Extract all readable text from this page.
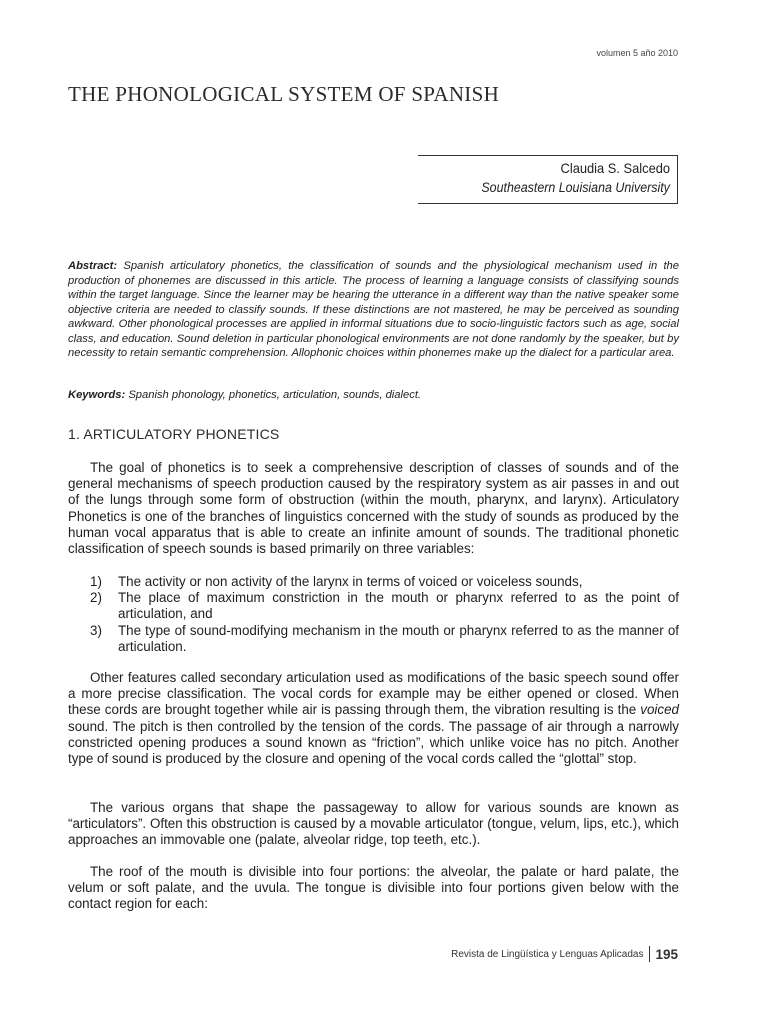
volumen 5 año 2010
THE PHONOLOGICAL SYSTEM OF SPANISH
Claudia S. Salcedo
Southeastern Louisiana University

Abstract: Spanish articulatory phonetics, the classification of sounds and the physiological mechanism used in the production of phonemes are discussed in this article. The process of learning a language consists of classifying sounds within the target language. Since the learner may be hearing the utterance in a different way than the native speaker some objective criteria are needed to classify sounds. If these distinctions are not mastered, he may be perceived as sounding awkward. Other phonological processes are applied in informal situations due to socio-linguistic factors such as age, social class, and education. Sound deletion in particular phonological environments are not done randomly by the speaker, but by necessity to retain semantic comprehension. Allophonic choices within phonemes make up the dialect for a particular area.

Keywords: Spanish phonology, phonetics, articulation, sounds, dialect.

1. ARTICULATORY PHONETICS

The goal of phonetics is to seek a comprehensive description of classes of sounds and of the general mechanisms of speech production caused by the respiratory system as air passes in and out of the lungs through some form of obstruction (within the mouth, pharynx, and larynx). Articulatory Phonetics is one of the branches of linguistics concerned with the study of sounds as produced by the human vocal apparatus that is able to create an infinite amount of sounds. The traditional phonetic classification of speech sounds is based primarily on three variables:

1) The activity or non activity of the larynx in terms of voiced or voiceless sounds,
2) The place of maximum constriction in the mouth or pharynx referred to as the point of articulation, and
3) The type of sound-modifying mechanism in the mouth or pharynx referred to as the manner of articulation.

Other features called secondary articulation used as modifications of the basic speech sound offer a more precise classification. The vocal cords for example may be either opened or closed. When these cords are brought together while air is passing through them, the vibration resulting is the voiced sound. The pitch is then controlled by the tension of the cords. The passage of air through a narrowly constricted opening produces a sound known as “friction”, which unlike voice has no pitch. Another type of sound is produced by the closure and opening of the vocal cords called the “glottal” stop.

The various organs that shape the passageway to allow for various sounds are known as “articulators”. Often this obstruction is caused by a movable articulator (tongue, velum, lips, etc.), which approaches an immovable one (palate, alveolar ridge, top teeth, etc.).

The roof of the mouth is divisible into four portions: the alveolar, the palate or hard palate, the velum or soft palate, and the uvula. The tongue is divisible into four portions given below with the contact region for each:

Revista de Lingüística y Lenguas Aplicadas 195
